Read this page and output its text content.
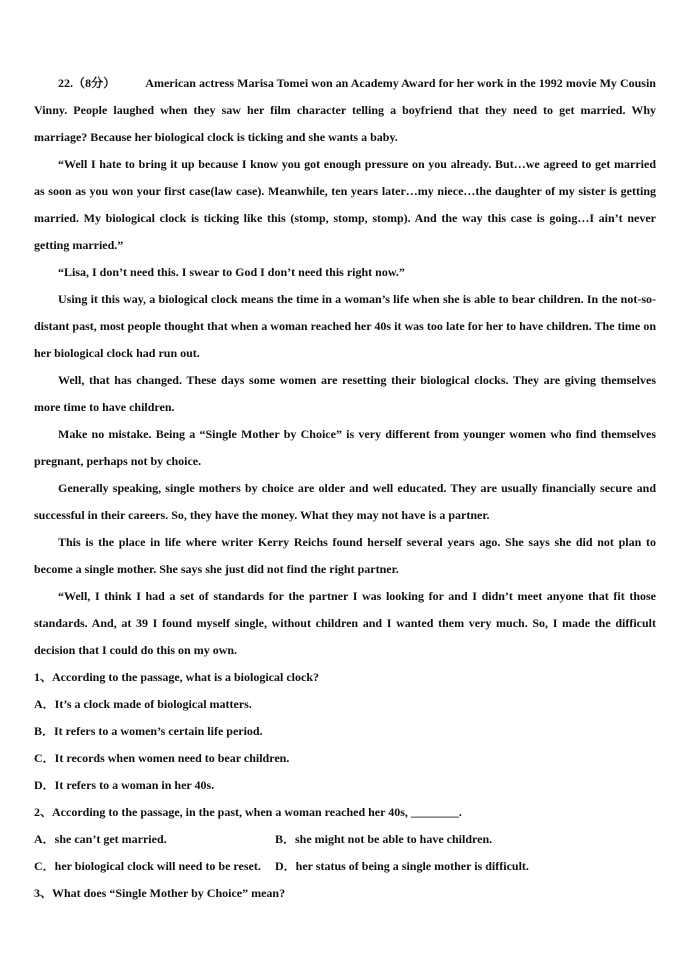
22.（8分）	American actress Marisa Tomei won an Academy Award for her work in the 1992 movie My Cousin Vinny. People laughed when they saw her film character telling a boyfriend that they need to get married. Why marriage? Because her biological clock is ticking and she wants a baby.

“Well I hate to bring it up because I know you got enough pressure on you already. But…we agreed to get married as soon as you won your first case(law case). Meanwhile, ten years later…my niece…the daughter of my sister is getting married. My biological clock is ticking like this (stomp, stomp, stomp). And the way this case is going…I ain’t never getting married.”

“Lisa, I don’t need this. I swear to God I don’t need this right now.”

Using it this way, a biological clock means the time in a woman’s life when she is able to bear children. In the not-so-distant past, most people thought that when a woman reached her 40s it was too late for her to have children. The time on her biological clock had run out.

Well, that has changed. These days some women are resetting their biological clocks. They are giving themselves more time to have children.

Make no mistake. Being a “Single Mother by Choice” is very different from younger women who find themselves pregnant, perhaps not by choice.

Generally speaking, single mothers by choice are older and well educated. They are usually financially secure and successful in their careers. So, they have the money. What they may not have is a partner.

This is the place in life where writer Kerry Reichs found herself several years ago. She says she did not plan to become a single mother. She says she just did not find the right partner.

“Well, I think I had a set of standards for the partner I was looking for and I didn’t meet anyone that fit those standards. And, at 39 I found myself single, without children and I wanted them very much. So, I made the difficult decision that I could do this on my own.

1、According to the passage, what is a biological clock?

A．It’s a clock made of biological matters.

B．It refers to a women’s certain life period.

C．It records when women need to bear children.

D．It refers to a woman in her 40s.

2、According to the passage, in the past, when a woman reached her 40s, ________.

A．she can’t get married.	B．she might not be able to have children.

C．her biological clock will need to be reset.	D．her status of being a single mother is difficult.

3、What does “Single Mother by Choice” mean?
